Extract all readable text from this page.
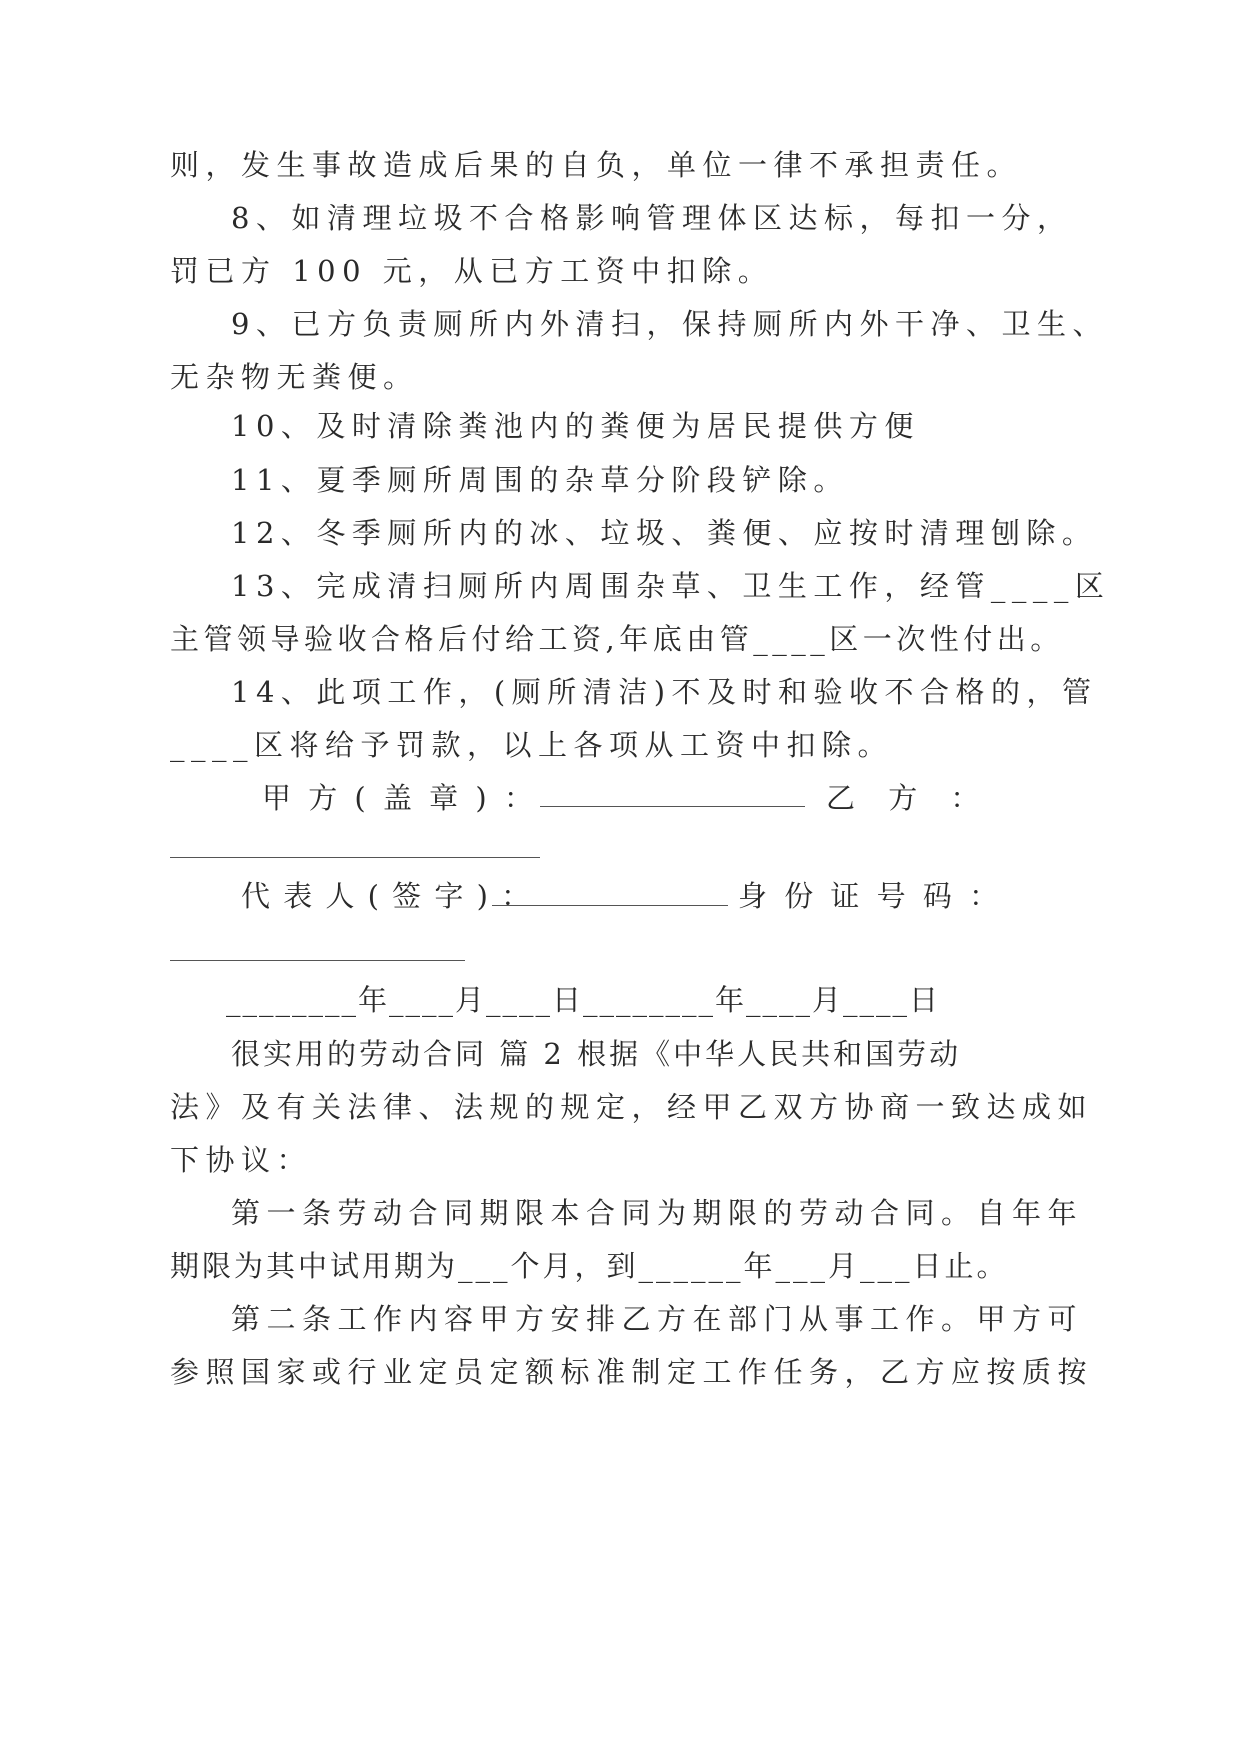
则，发生事故造成后果的自负，单位一律不承担责任。
8、如清理垃圾不合格影响管理体区达标，每扣一分，
罚已方 100 元，从已方工资中扣除。
9、已方负责厕所内外清扫，保持厕所内外干净、卫生、
无杂物无粪便。
10、及时清除粪池内的粪便为居民提供方便
11、夏季厕所周围的杂草分阶段铲除。
12、冬季厕所内的冰、垃圾、粪便、应按时清理刨除。
13、完成清扫厕所内周围杂草、卫生工作，经管____区
主管领导验收合格后付给工资,年底由管____区一次性付出。
14、此项工作，(厕所清洁)不及时和验收不合格的，管
____区将给予罚款，以上各项从工资中扣除。
甲 方 ( 盖 章 ) ：	乙 方 ：
代 表 人 ( 签 字 ) ：	身 份 证 号 码 ：
________年____月____日________年____月____日
很实用的劳动合同 篇 2 根据《中华人民共和国劳动
法》及有关法律、法规的规定，经甲乙双方协商一致达成如
下协议：
第一条劳动合同期限本合同为期限的劳动合同。自年年
期限为其中试用期为___个月，到______年___月___日止。
第二条工作内容甲方安排乙方在部门从事工作。甲方可
参照国家或行业定员定额标准制定工作任务，乙方应按质按
